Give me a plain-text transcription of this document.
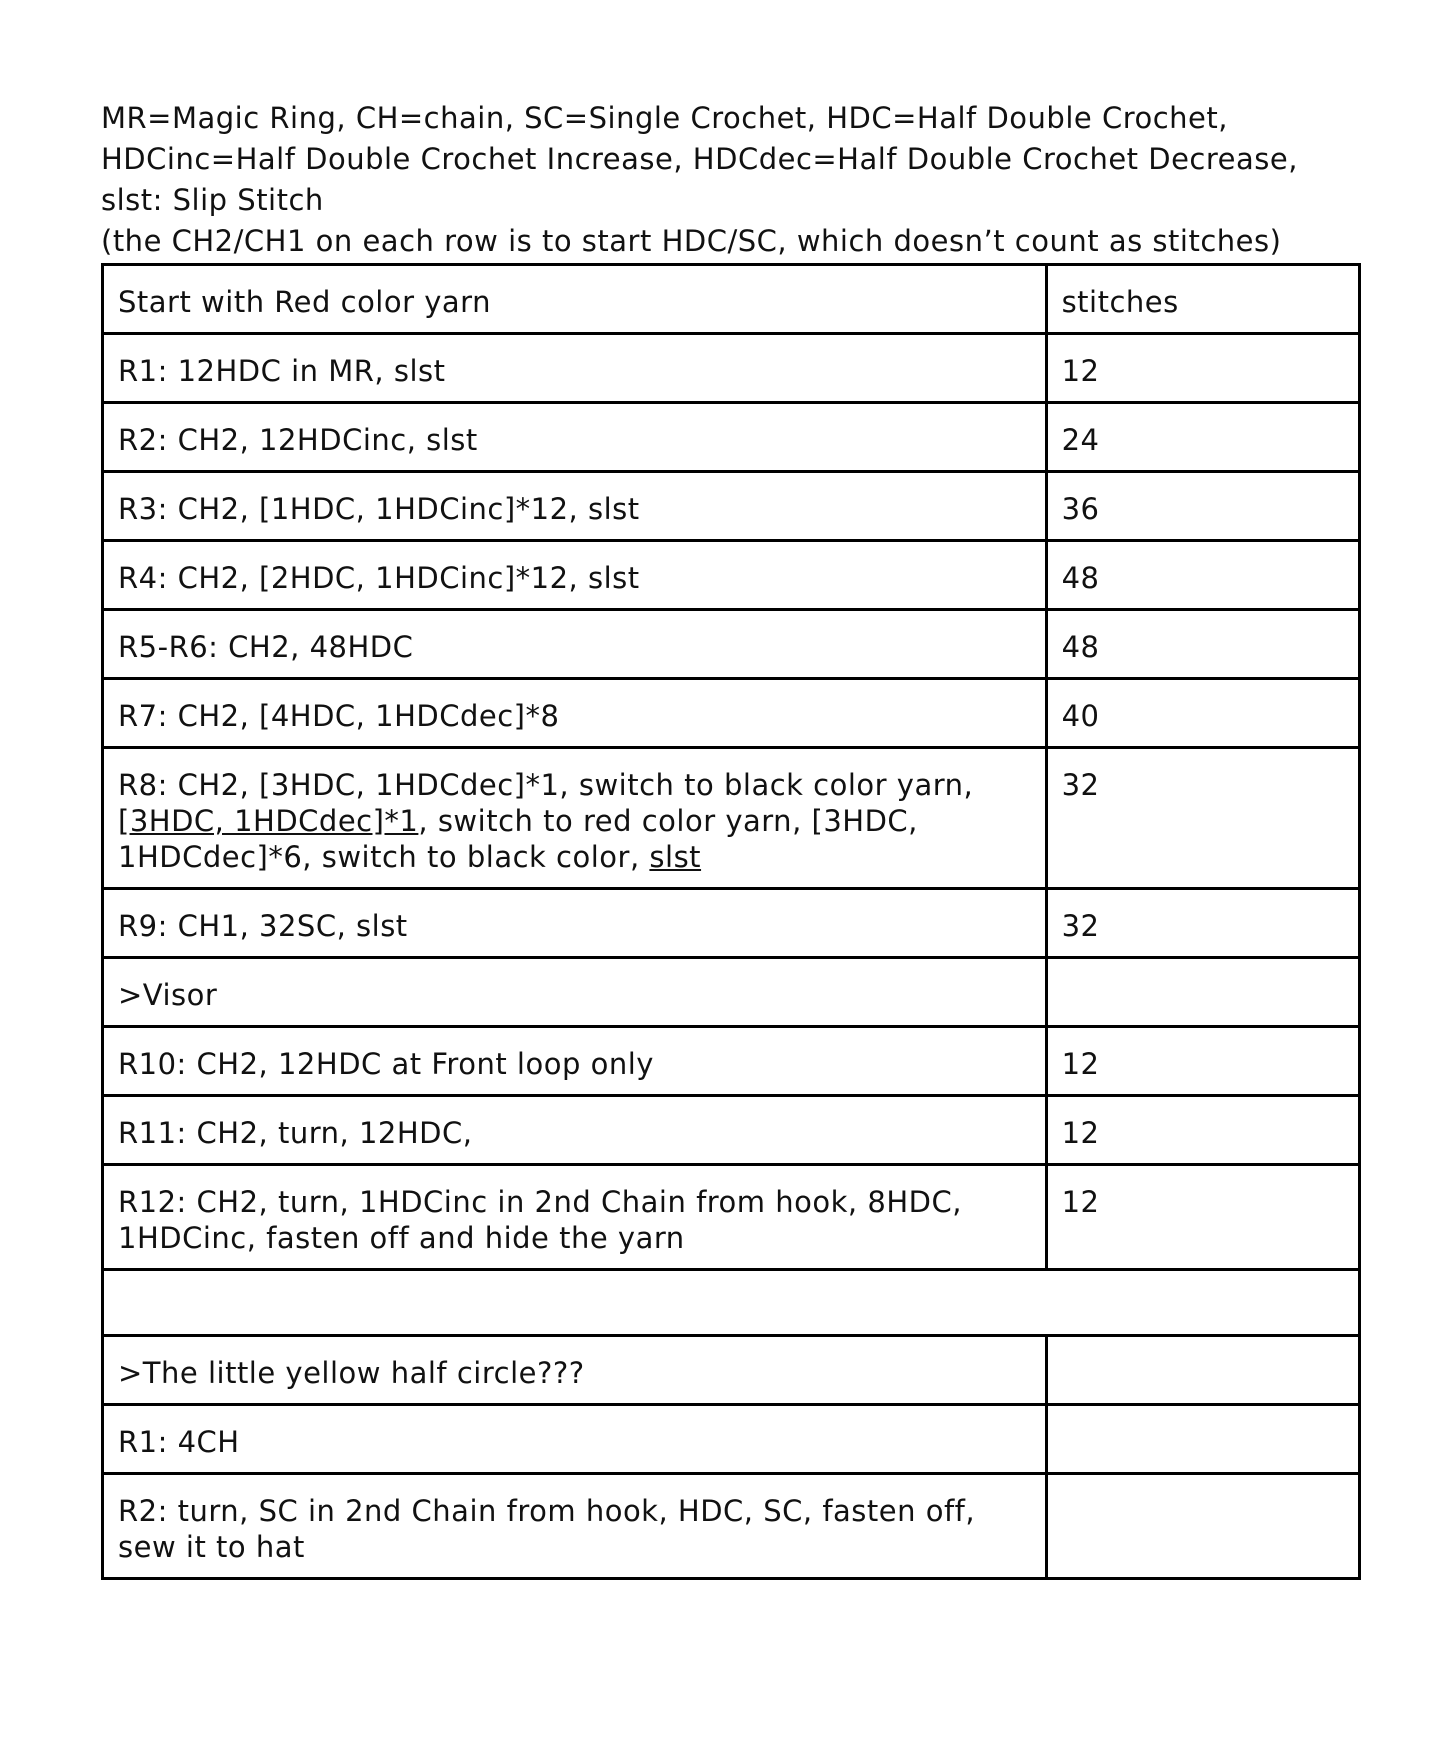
MR=Magic Ring, CH=chain, SC=Single Crochet, HDC=Half Double Crochet,

HDCinc=Half Double Crochet Increase, HDCdec=Half Double Crochet Decrease,

slst: Slip Stitch

(the CH2/CH1 on each row is to start HDC/SC, which doesn’t count as stitches)

Start with Red color yarn	stitches
R1: 12HDC in MR, slst	12
R2: CH2, 12HDCinc, slst	24
R3: CH2, [1HDC, 1HDCinc]*12, slst	36
R4: CH2, [2HDC, 1HDCinc]*12, slst	48
R5-R6: CH2, 48HDC	48
R7: CH2, [4HDC, 1HDCdec]*8	40
R8: CH2, [3HDC, 1HDCdec]*1, switch to black color yarn,
[3HDC, 1HDCdec]*1, switch to red color yarn, [3HDC,
1HDCdec]*6, switch to black color, slst	32
R9: CH1, 32SC, slst	32
>Visor	
R10: CH2, 12HDC at Front loop only	12
R11: CH2, turn, 12HDC,	12
R12: CH2, turn, 1HDCinc in 2nd Chain from hook, 8HDC,
1HDCinc, fasten off and hide the yarn	12

>The little yellow half circle???	
R1: 4CH	
R2: turn, SC in 2nd Chain from hook, HDC, SC, fasten off,
sew it to hat	
